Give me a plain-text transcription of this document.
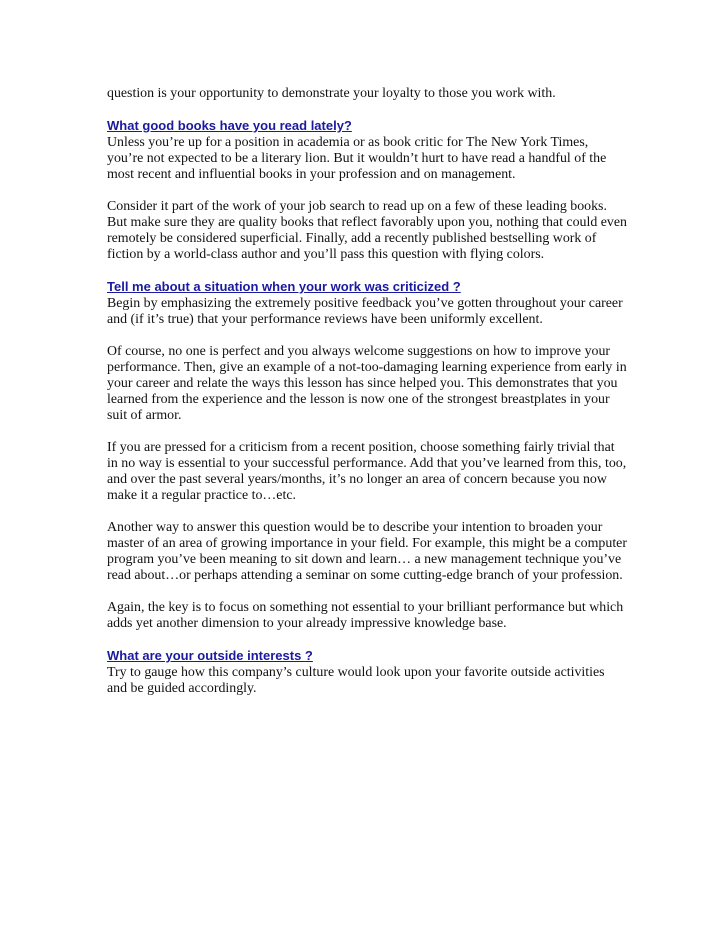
question is your opportunity to demonstrate your loyalty to those you work with.

What good books have you read lately?

Unless you’re up for a position in academia or as book critic for The New York Times, you’re not expected to be a literary lion. But it wouldn’t hurt to have read a handful of the most recent and influential books in your profession and on management.

Consider it part of the work of your job search to read up on a few of these leading books. But make sure they are quality books that reflect favorably upon you, nothing that could even remotely be considered superficial. Finally, add a recently published bestselling work of fiction by a world-class author and you’ll pass this question with flying colors.

Tell me about a situation when your work was criticized ?

Begin by emphasizing the extremely positive feedback you’ve gotten throughout your career and (if it’s true) that your performance reviews have been uniformly excellent.

Of course, no one is perfect and you always welcome suggestions on how to improve your performance. Then, give an example of a not-too-damaging learning experience from early in your career and relate the ways this lesson has since helped you. This demonstrates that you learned from the experience and the lesson is now one of the strongest breastplates in your suit of armor.

If you are pressed for a criticism from a recent position, choose something fairly trivial that in no way is essential to your successful performance. Add that you’ve learned from this, too, and over the past several years/months, it’s no longer an area of concern because you now make it a regular practice to…etc.

Another way to answer this question would be to describe your intention to broaden your master of an area of growing importance in your field. For example, this might be a computer program you’ve been meaning to sit down and learn… a new management technique you’ve read about…or perhaps attending a seminar on some cutting-edge branch of your profession.

Again, the key is to focus on something not essential to your brilliant performance but which adds yet another dimension to your already impressive knowledge base.

What are your outside interests ?

Try to gauge how this company’s culture would look upon your favorite outside activities and be guided accordingly.
